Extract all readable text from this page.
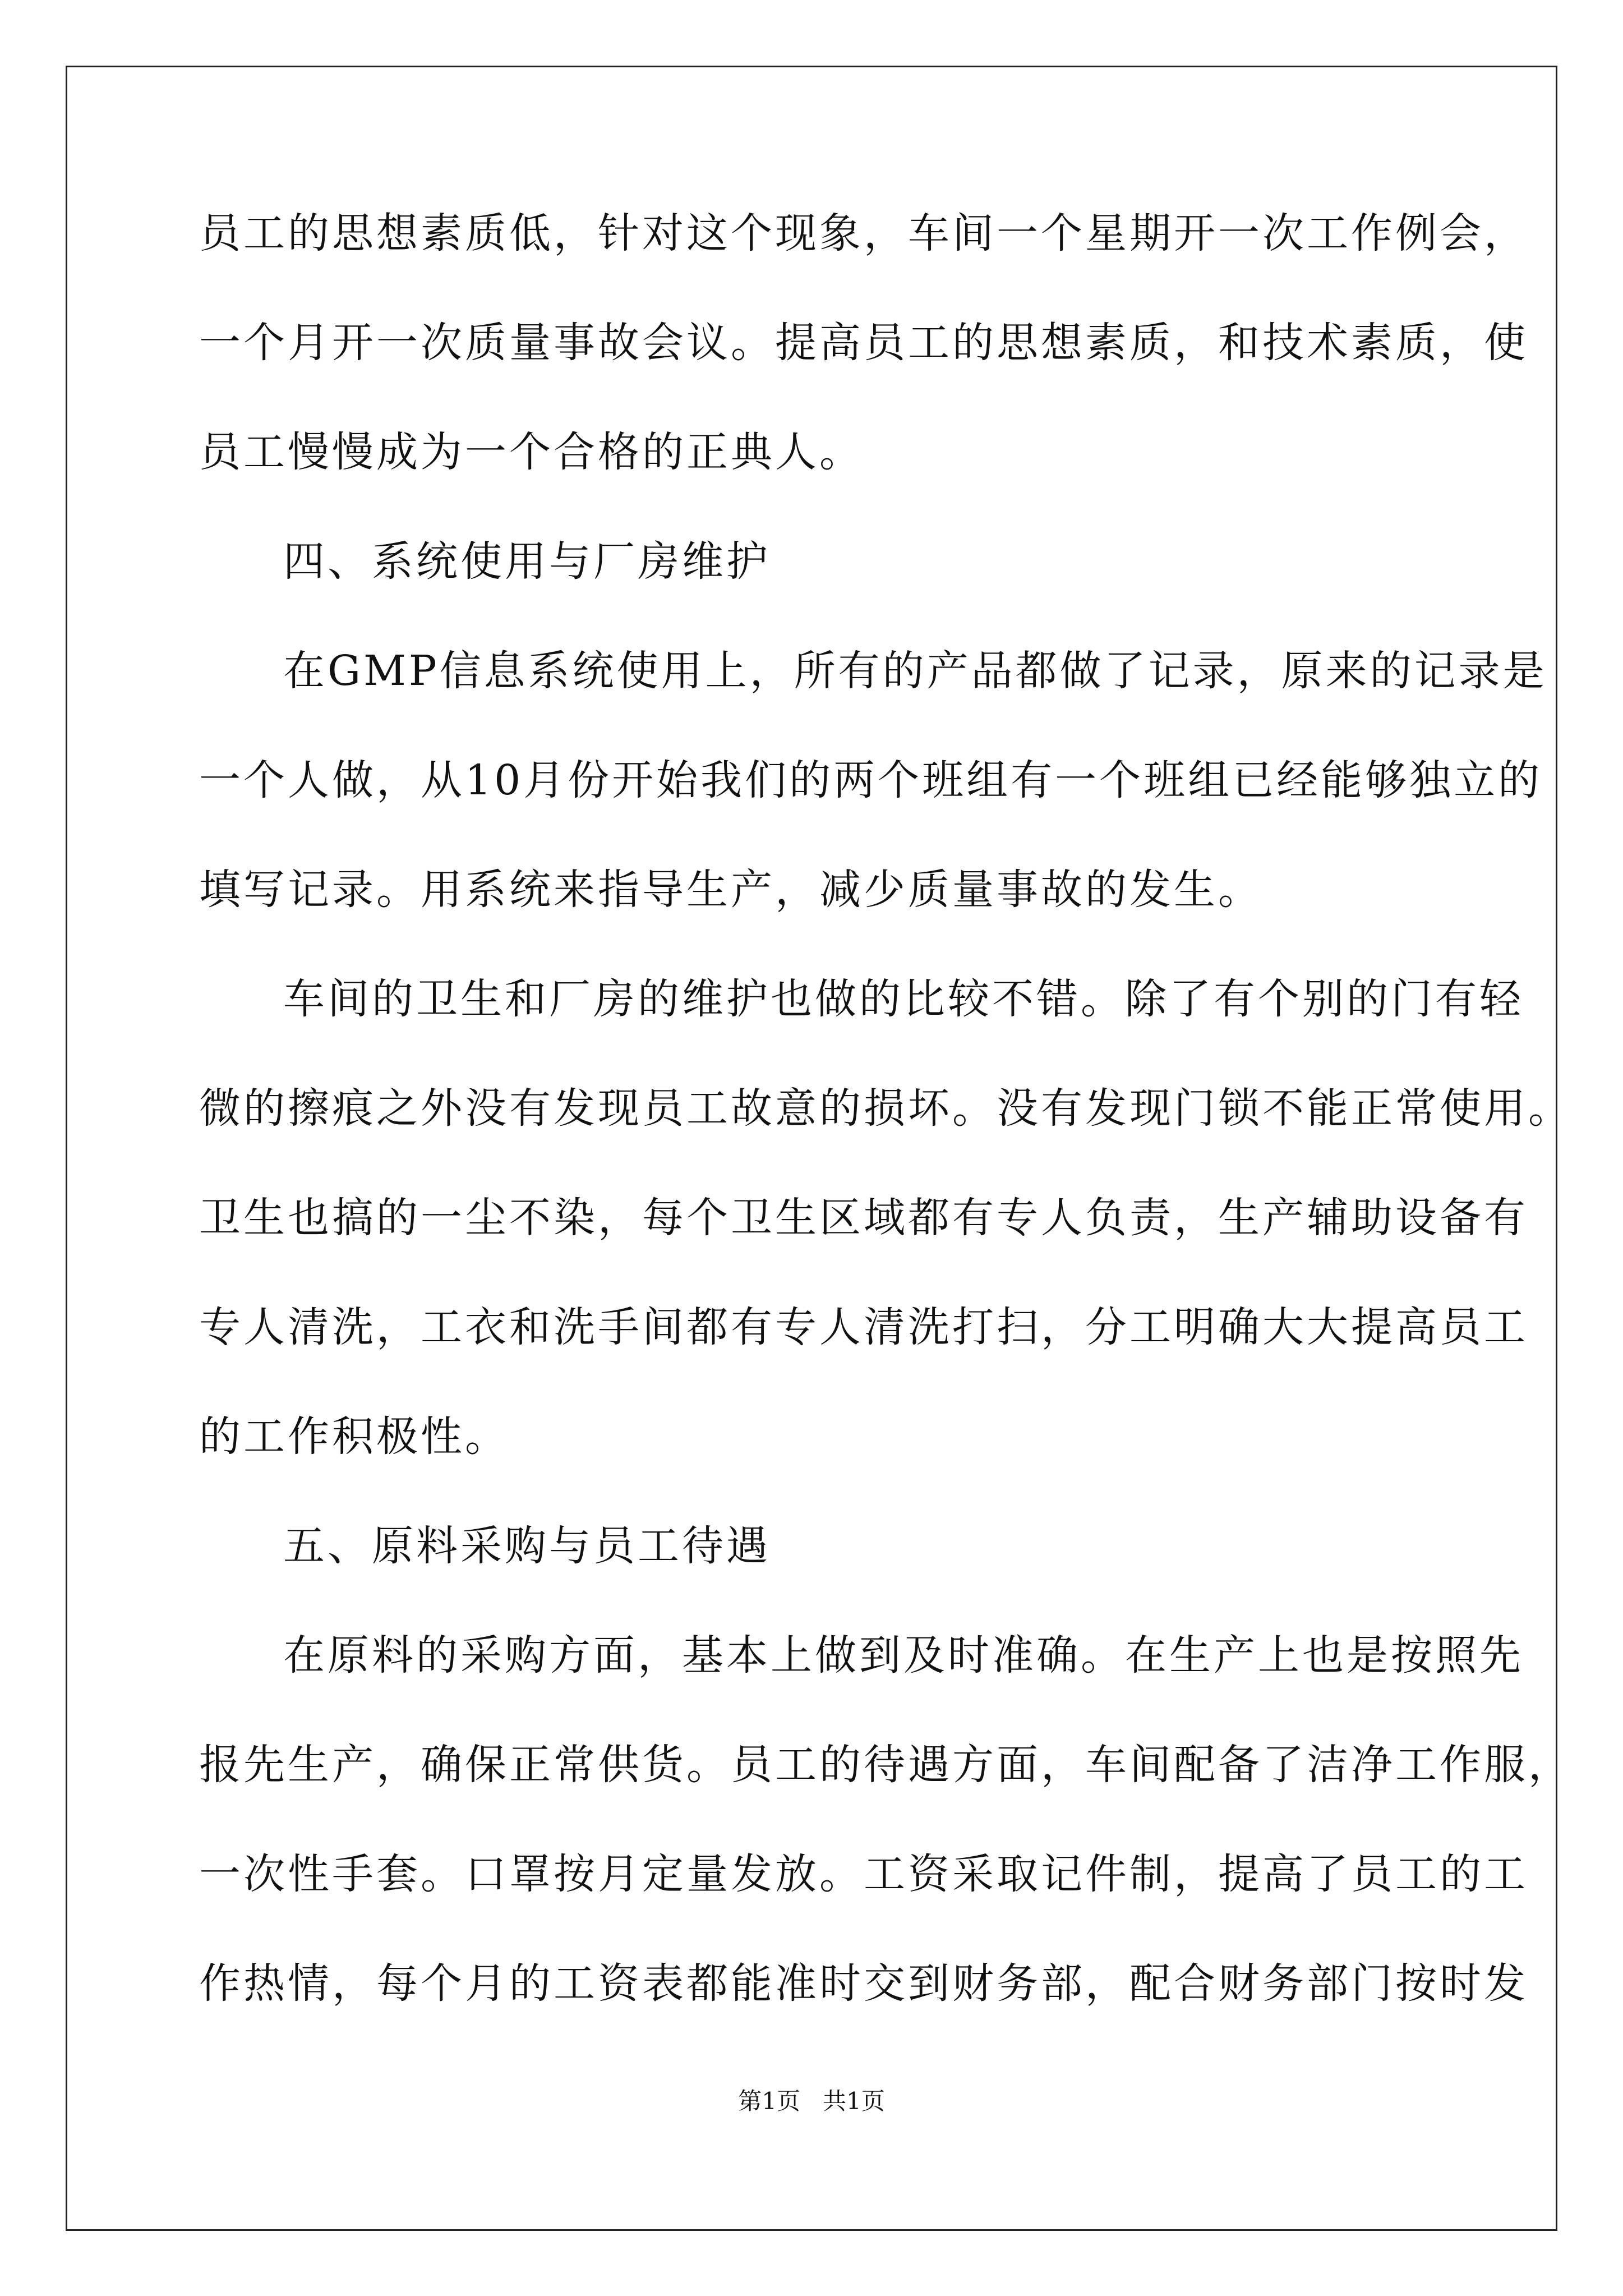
员工的思想素质低，针对这个现象，车间一个星期开一次工作例会，
一个月开一次质量事故会议。提高员工的思想素质，和技术素质，使
员工慢慢成为一个合格的正典人。
四、系统使用与厂房维护
在GMP信息系统使用上，所有的产品都做了记录，原来的记录是
一个人做，从10月份开始我们的两个班组有一个班组已经能够独立的
填写记录。用系统来指导生产，减少质量事故的发生。
车间的卫生和厂房的维护也做的比较不错。除了有个别的门有轻
微的擦痕之外没有发现员工故意的损坏。没有发现门锁不能正常使用。
卫生也搞的一尘不染，每个卫生区域都有专人负责，生产辅助设备有
专人清洗，工衣和洗手间都有专人清洗打扫，分工明确大大提高员工
的工作积极性。
五、原料采购与员工待遇
在原料的采购方面，基本上做到及时准确。在生产上也是按照先
报先生产，确保正常供货。员工的待遇方面，车间配备了洁净工作服，
一次性手套。口罩按月定量发放。工资采取记件制，提高了员工的工
作热情，每个月的工资表都能准时交到财务部，配合财务部门按时发
第1页   共1页
